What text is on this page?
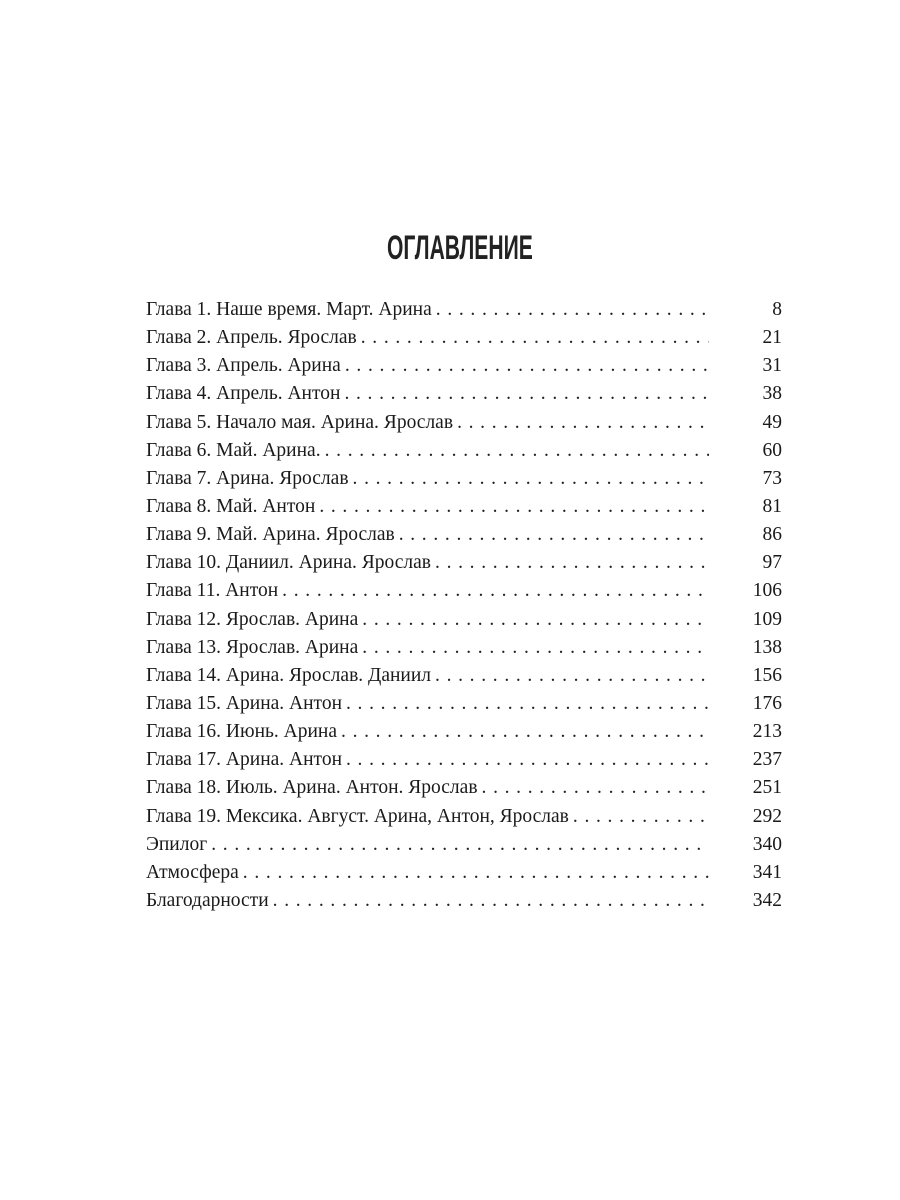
ОГЛАВЛЕНИЕ
Глава 1. Наше время. Март. Арина . . .	8
Глава 2. Апрель. Ярослав . . .	21
Глава 3. Апрель. Арина . . .	31
Глава 4. Апрель. Антон . . .	38
Глава 5. Начало мая. Арина. Ярослав . . .	49
Глава 6. Май. Арина. . . .	60
Глава 7. Арина. Ярослав . . .	73
Глава 8. Май. Антон . . .	81
Глава 9. Май. Арина. Ярослав . . .	86
Глава 10. Даниил. Арина. Ярослав . . .	97
Глава 11. Антон . . .	106
Глава 12. Ярослав. Арина . . .	109
Глава 13. Ярослав. Арина . . .	138
Глава 14. Арина. Ярослав. Даниил . . .	156
Глава 15. Арина. Антон . . .	176
Глава 16. Июнь. Арина . . .	213
Глава 17. Арина. Антон . . .	237
Глава 18. Июль. Арина. Антон. Ярослав . . .	251
Глава 19. Мексика. Август. Арина, Антон, Ярослав . . .	292
Эпилог . . .	340
Атмосфера . . .	341
Благодарности . . .	342
